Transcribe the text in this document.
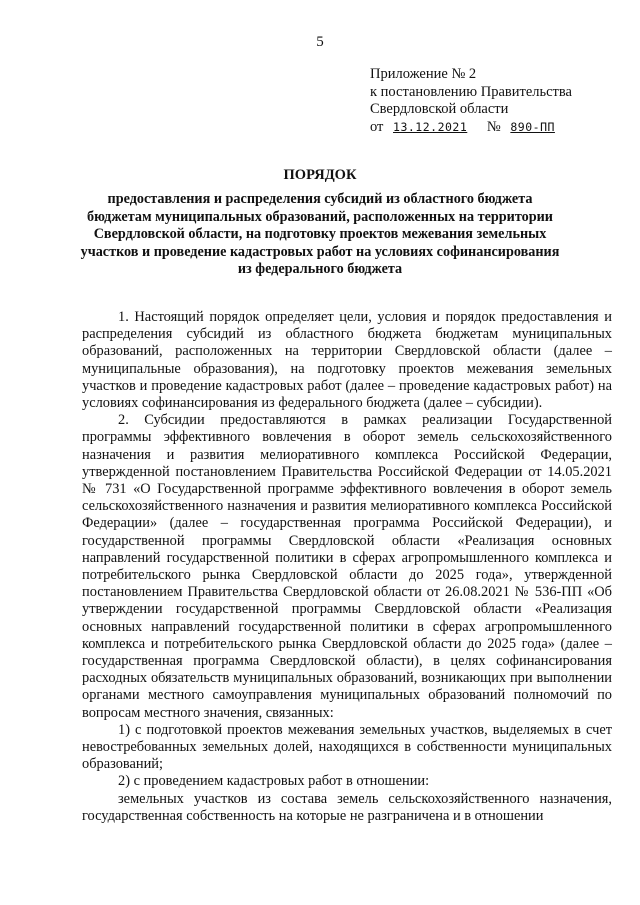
5
Приложение № 2
к постановлению Правительства
Свердловской области
от 13.12.2021 № 890-ПП
ПОРЯДОК
предоставления и распределения субсидий из областного бюджета бюджетам муниципальных образований, расположенных на территории Свердловской области, на подготовку проектов межевания земельных участков и проведение кадастровых работ на условиях софинансирования из федерального бюджета

1. Настоящий порядок определяет цели, условия и порядок предоставления и распределения субсидий из областного бюджета бюджетам муниципальных образований, расположенных на территории Свердловской области (далее – муниципальные образования), на подготовку проектов межевания земельных участков и проведение кадастровых работ (далее – проведение кадастровых работ) на условиях софинансирования из федерального бюджета (далее – субсидии).

2. Субсидии предоставляются в рамках реализации Государственной программы эффективного вовлечения в оборот земель сельскохозяйственного назначения и развития мелиоративного комплекса Российской Федерации, утвержденной постановлением Правительства Российской Федерации от 14.05.2021 № 731 «О Государственной программе эффективного вовлечения в оборот земель сельскохозяйственного назначения и развития мелиоративного комплекса Российской Федерации» (далее – государственная программа Российской Федерации), и государственной программы Свердловской области «Реализация основных направлений государственной политики в сферах агропромышленного комплекса и потребительского рынка Свердловской области до 2025 года», утвержденной постановлением Правительства Свердловской области от 26.08.2021 № 536-ПП «Об утверждении государственной программы Свердловской области «Реализация основных направлений государственной политики в сферах агропромышленного комплекса и потребительского рынка Свердловской области до 2025 года» (далее – государственная программа Свердловской области), в целях софинансирования расходных обязательств муниципальных образований, возникающих при выполнении органами местного самоуправления муниципальных образований полномочий по вопросам местного значения, связанных:

1) с подготовкой проектов межевания земельных участков, выделяемых в счет невостребованных земельных долей, находящихся в собственности муниципальных образований;

2) с проведением кадастровых работ в отношении:

земельных участков из состава земель сельскохозяйственного назначения, государственная собственность на которые не разграничена и в отношении
